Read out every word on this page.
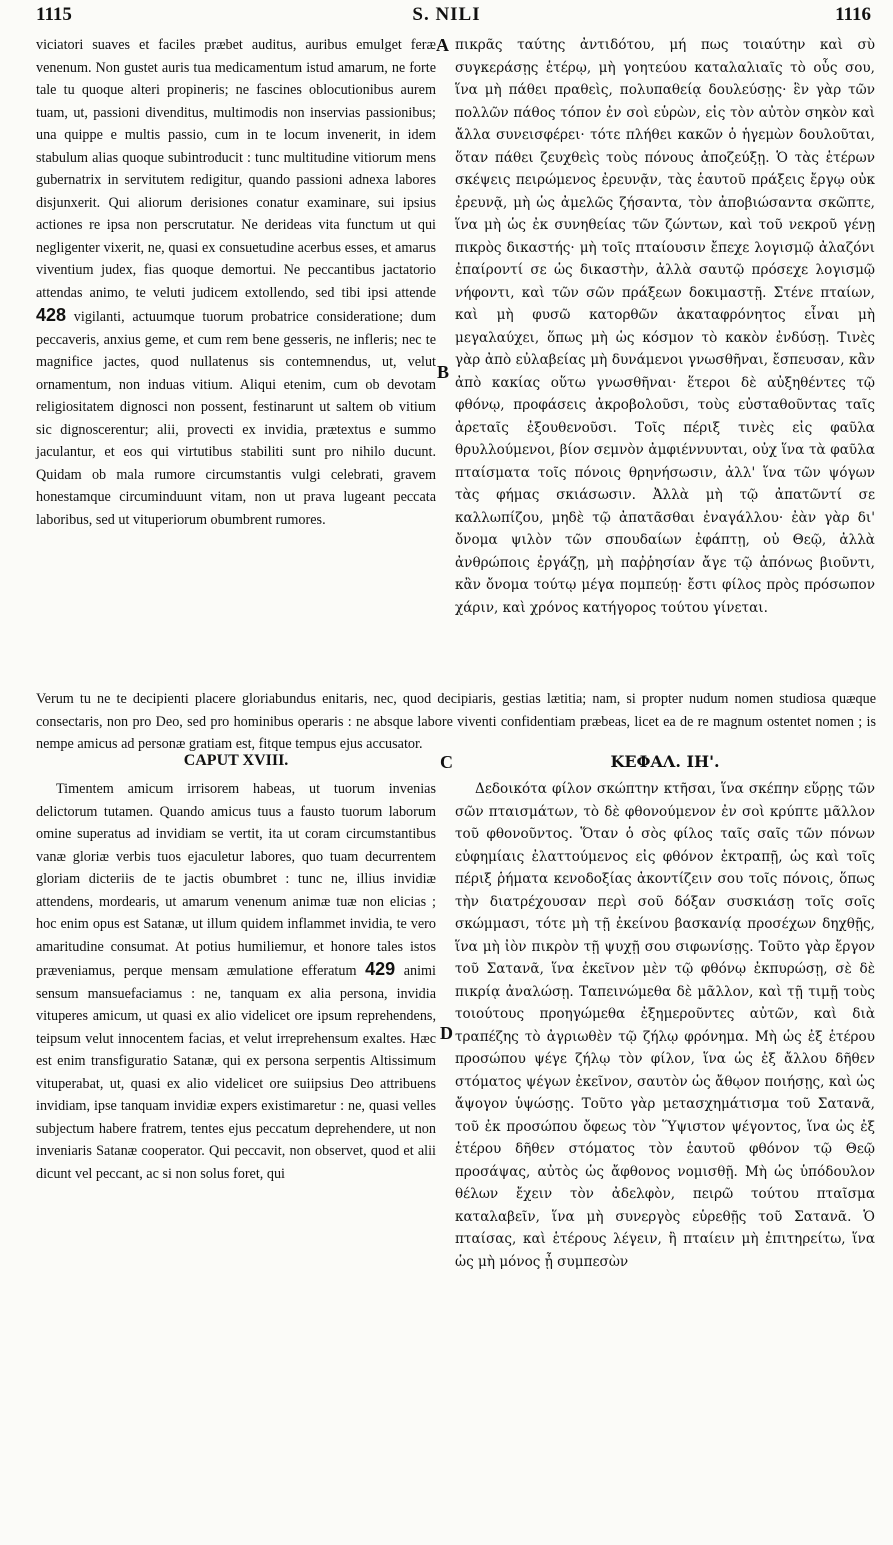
1115	S. NILI	1116
A
B
C
D

viciatori suaves et faciles præbet auditus, auribus emulget feræ venenum. Non gustet auris tua medicamentum istud amarum, ne forte tale tu quoque alteri propineris; ne fascines oblocutionibus aurem tuam, ut, passioni divenditus, multimodis non inservias passionibus; una quippe e multis passio, cum in te locum invenerit, in idem stabulum alias quoque subintroducit : tunc multitudine vitiorum mens gubernatrix in servitutem redigitur, quando passioni adnexa labores disjunxerit. Qui aliorum derisiones conatur examinare, sui ipsius actiones re ipsa non perscrutatur. Ne derideas vita functum ut qui negligenter vixerit, ne, quasi ex consuetudine acerbus esses, et amarus viventium judex, fias quoque demortui. Ne peccantibus jactatorio attendas animo, te veluti judicem extollendo, sed tibi ipsi attende 428 vigilanti, actuumque tuorum probatrice consideratione; dum peccaveris, anxius geme, et cum rem bene gesseris, ne infleris; nec te magnifice jactes, quod nullatenus sis contemnendus, ut, velut ornamentum, non induas vitium. Aliqui etenim, cum ob devotam religiositatem dignosci non possent, festinarunt ut saltem ob vitium sic dignoscerentur; alii, provecti ex invidia, prætextus e summo jaculantur, et eos qui virtutibus stabiliti sunt pro nihilo ducunt. Quidam ob mala rumore circumstantis vulgi celebrati, gravem honestamque circuminduunt vitam, non ut prava lugeant peccata laboribus, sed ut vituperiorum obumbrent rumores.

πικρᾶς ταύτης ἀντιδότου, μή πως τοιαύτην καὶ σὺ συγκεράσῃς ἑτέρῳ, μὴ γοητεύου καταλαλιαῖς τὸ οὖς σου, ἵνα μὴ πάθει πραθεὶς, πολυπαθείᾳ δουλεύσῃς· ἓν γὰρ τῶν πολλῶν πάθος τόπον ἐν σοὶ εὑρὼν, εἰς τὸν αὐτὸν σηκὸν καὶ ἄλλα συνεισφέρει· τότε πλήθει κακῶν ὁ ἡγεμὼν δουλοῦται, ὅταν πάθει ζευχθεὶς τοὺς πόνους ἀποζεύξῃ. Ὁ τὰς ἑτέρων σκέψεις πειρώμενος ἐρευνᾷν, τὰς ἑαυτοῦ πράξεις ἔργῳ οὐκ ἐρευνᾷ, μὴ ὡς ἀμελῶς ζήσαντα, τὸν ἀποβιώσαντα σκῶπτε, ἵνα μὴ ὡς ἐκ συνηθείας τῶν ζώντων, καὶ τοῦ νεκροῦ γένῃ πικρὸς δικαστής· μὴ τοῖς πταίουσιν ἔπεχε λογισμῷ ἀλαζόνι ἐπαίροντί σε ὡς δικαστὴν, ἀλλὰ σαυτῷ πρόσεχε λογισμῷ νήφοντι, καὶ τῶν σῶν πράξεων δοκιμαστῇ. Στένε πταίων, καὶ μὴ φυσῶ κατορθῶν ἀκαταφρόνητος εἶναι μὴ μεγαλαύχει, ὅπως μὴ ὡς κόσμον τὸ κακὸν ἐνδύσῃ. Τινὲς γὰρ ἀπὸ εὐλαβείας μὴ δυνάμενοι γνωσθῆναι, ἔσπευσαν, κἂν ἀπὸ κακίας οὕτω γνωσθῆναι· ἕτεροι δὲ αὐξηθέντες τῷ φθόνῳ, προφάσεις ἀκροβολοῦσι, τοὺς εὐσταθοῦντας ταῖς ἀρεταῖς ἐξουθενοῦσι. Τοῖς πέριξ τινὲς εἰς φαῦλα θρυλλούμενοι, βίον σεμνὸν ἀμφιέννυνται, οὐχ ἵνα τὰ φαῦλα πταίσματα τοῖς πόνοις θρηνήσωσιν, ἀλλ' ἵνα τῶν ψόγων τὰς φήμας σκιάσωσιν. Ἀλλὰ μὴ τῷ ἀπατῶντί σε καλλωπίζου, μηδὲ τῷ ἀπατᾶσθαι ἐναγάλλου· ἐὰν γὰρ δι' ὄνομα ψιλὸν τῶν σπουδαίων ἐφάπτῃ, οὐ Θεῷ, ἀλλὰ ἀνθρώποις ἐργάζῃ, μὴ παῤῥησίαν ἄγε τῷ ἀπόνως βιοῦντι, κἂν ὄνομα τούτῳ μέγα πομπεύῃ· ἔστι φίλος πρὸς πρόσωπον χάριν, καὶ χρόνος κατήγορος τούτου γίνεται.

Verum tu ne te decipienti placere gloriabundus enitaris, nec, quod decipiaris, gestias lætitia; nam, si propter nudum nomen studiosa quæque consectaris, non pro Deo, sed pro hominibus operaris : ne absque labore viventi confidentiam præbeas, licet ea de re magnum ostentet nomen ; is nempe amicus ad personæ gratiam est, fitque tempus ejus accusator.

CAPUT XVIII.	ΚΕΦΑΛ. ΙΗ'.

Timentem amicum irrisorem habeas, ut tuorum invenias delictorum tutamen. Quando amicus tuus a fausto tuorum laborum omine superatus ad invidiam se vertit, ita ut coram circumstantibus vanæ gloriæ verbis tuos ejaculetur labores, quo tuam decurrentem gloriam dicteriis de te jactis obumbret : tunc ne, illius invidiæ attendens, mordearis, ut amarum venenum animæ tuæ non elicias ; hoc enim opus est Satanæ, ut illum quidem inflammet invidia, te vero amaritudine consumat. At potius humiliemur, et honore tales istos præveniamus, perque mensam æmulatione efferatum 429 animi sensum mansuefaciamus : ne, tanquam ex alia persona, invidia vituperes amicum, ut quasi ex alio videlicet ore ipsum reprehendens, teipsum velut innocentem facias, et velut irreprehensum exaltes. Hæc est enim transfiguratio Satanæ, qui ex persona serpentis Altissimum vituperabat, ut, quasi ex alio videlicet ore suiipsius Deo attribuens invidiam, ipse tanquam invidiæ expers existimaretur : ne, quasi velles subjectum habere fratrem, tentes ejus peccatum deprehendere, ut non inveniaris Satanæ cooperator. Qui peccavit, non observet, quod et alii dicunt vel peccant, ac si non solus foret, qui

Δεδοικότα φίλον σκώπτην κτῆσαι, ἵνα σκέπην εὕρῃς τῶν σῶν πταισμάτων, τὸ δὲ φθονούμενον ἐν σοὶ κρύπτε μᾶλλον τοῦ φθονοῦντος. Ὅταν ὁ σὸς φίλος ταῖς σαῖς τῶν πόνων εὐφημίαις ἐλαττούμενος εἰς φθόνον ἐκτραπῇ, ὡς καὶ τοῖς πέριξ ῥήματα κενοδοξίας ἀκοντίζειν σου τοῖς πόνοις, ὅπως τὴν διατρέχουσαν περὶ σοῦ δόξαν συσκιάσῃ τοῖς σοῖς σκώμμασι, τότε μὴ τῇ ἐκείνου βασκανίᾳ προσέχων δηχθῇς, ἵνα μὴ ἰὸν πικρὸν τῇ ψυχῇ σου σιφωνίσῃς. Τοῦτο γὰρ ἔργον τοῦ Σατανᾶ, ἵνα ἐκεῖνον μὲν τῷ φθόνῳ ἐκπυρώσῃ, σὲ δὲ πικρίᾳ ἀναλώσῃ. Ταπεινώμεθα δὲ μᾶλλον, καὶ τῇ τιμῇ τοὺς τοιούτους προηγώμεθα ἐξημεροῦντες αὐτῶν, καὶ διὰ τραπέζης τὸ ἀγριωθὲν τῷ ζήλῳ φρόνημα. Μὴ ὡς ἐξ ἑτέρου προσώπου ψέγε ζήλῳ τὸν φίλον, ἵνα ὡς ἐξ ἄλλου δῆθεν στόματος ψέγων ἐκεῖνον, σαυτὸν ὡς ἄθῳον ποιήσῃς, καὶ ὡς ἄψογον ὑψώσῃς. Τοῦτο γὰρ μετασχημάτισμα τοῦ Σατανᾶ, τοῦ ἐκ προσώπου ὄφεως τὸν Ὕψιστον ψέγοντος, ἵνα ὡς ἐξ ἑτέρου δῆθεν στόματος τὸν ἑαυτοῦ φθόνον τῷ Θεῷ προσάψας, αὐτὸς ὡς ἄφθονος νομισθῇ. Μὴ ὡς ὑπόδουλον θέλων ἔχειν τὸν ἀδελφὸν, πειρῶ τούτου πταῖσμα καταλαβεῖν, ἵνα μὴ συνεργὸς εὑρεθῇς τοῦ Σατανᾶ. Ὁ πταίσας, καὶ ἑτέρους λέγειν, ἢ πταίειν μὴ ἐπιτηρείτω, ἵνα ὡς μὴ μόνος ᾖ συμπεσὼν
